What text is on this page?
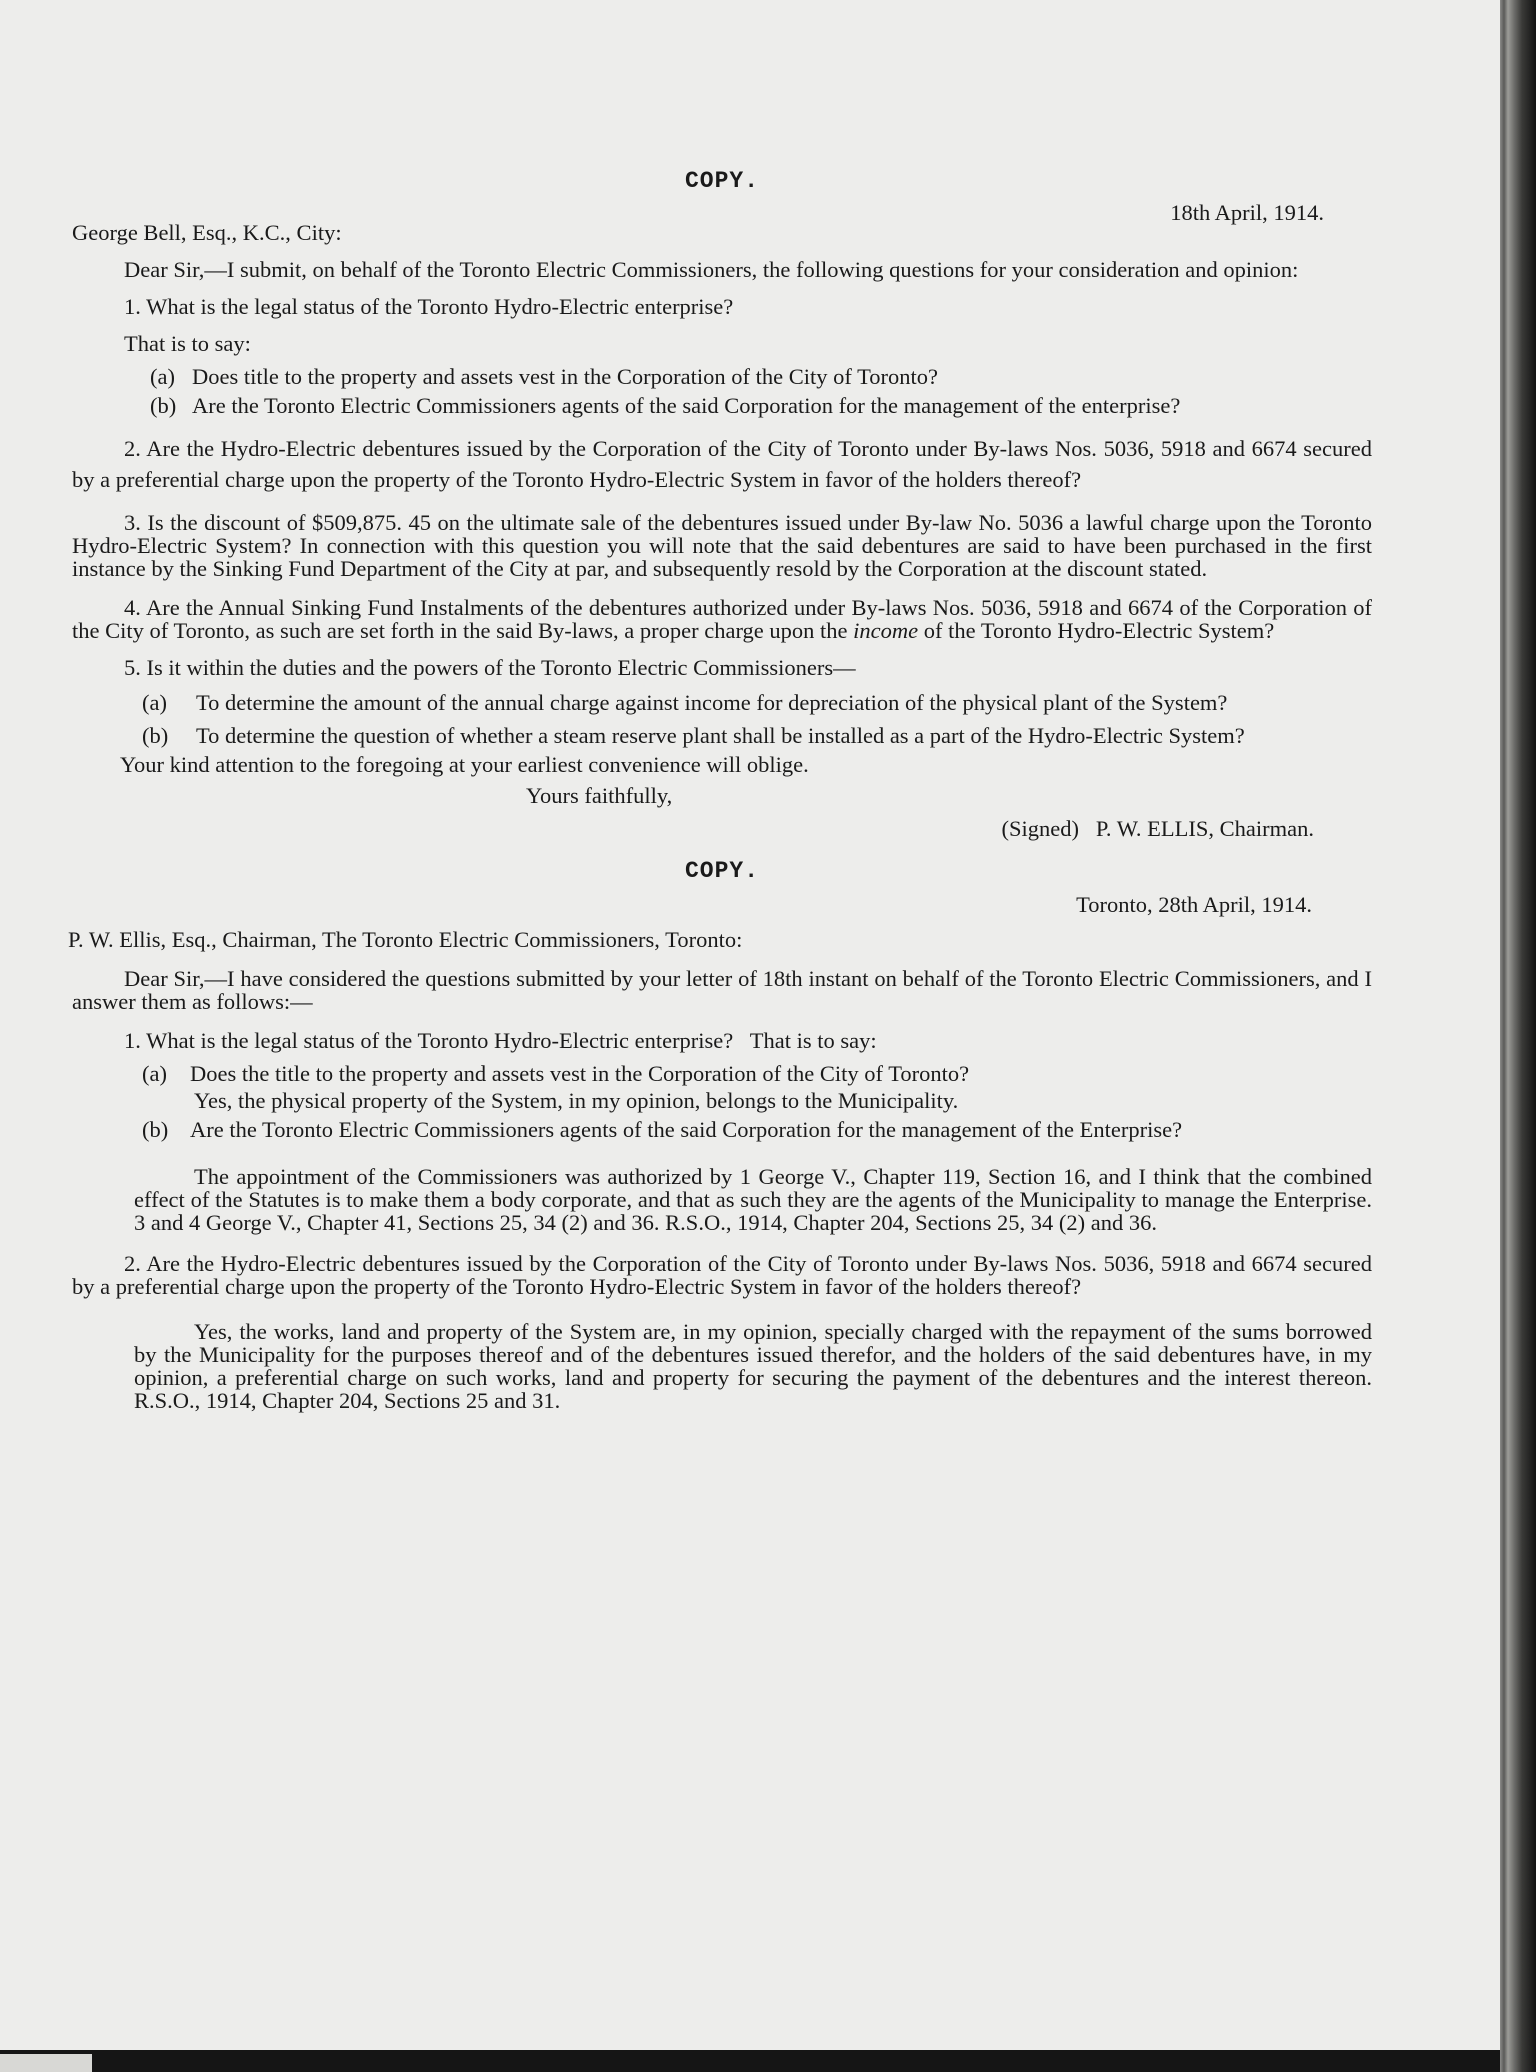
COPY.
George Bell, Esq., K.C., City:
18th April, 1914.

Dear Sir,—I submit, on behalf of the Toronto Electric Commissioners, the following questions for your consideration and opinion:

1. What is the legal status of the Toronto Hydro-Electric enterprise?

That is to say:

(a) Does title to the property and assets vest in the Corporation of the City of Toronto?
(b) Are the Toronto Electric Commissioners agents of the said Corporation for the management of the enterprise?

2. Are the Hydro-Electric debentures issued by the Corporation of the City of Toronto under By-laws Nos. 5036, 5918 and 6674 secured by a preferential charge upon the property of the Toronto Hydro-Electric System in favor of the holders thereof?

3. Is the discount of $509,875. 45 on the ultimate sale of the debentures issued under By-law No. 5036 a lawful charge upon the Toronto Hydro-Electric System? In connection with this question you will note that the said debentures are said to have been purchased in the first instance by the Sinking Fund Department of the City at par, and subsequently resold by the Corporation at the discount stated.

4. Are the Annual Sinking Fund Instalments of the debentures authorized under By-laws Nos. 5036, 5918 and 6674 of the Corporation of the City of Toronto, as such are set forth in the said By-laws, a proper charge upon the income of the Toronto Hydro-Electric System?

5. Is it within the duties and the powers of the Toronto Electric Commissioners—

(a)	To determine the amount of the annual charge against income for depreciation of the physical plant of the System?
(b)	To determine the question of whether a steam reserve plant shall be installed as a part of the Hydro-Electric System?

Your kind attention to the foregoing at your earliest convenience will oblige.

Yours faithfully,

(Signed)   P. W. ELLIS, Chairman.

COPY.

Toronto, 28th April, 1914.

P. W. Ellis, Esq., Chairman, The Toronto Electric Commissioners, Toronto:

Dear Sir,—I have considered the questions submitted by your letter of 18th instant on behalf of the Toronto Electric Commissioners, and I answer them as follows:—

1. What is the legal status of the Toronto Hydro-Electric enterprise?   That is to say:

(a)	Does the title to the property and assets vest in the Corporation of the City of Toronto?

Yes, the physical property of the System, in my opinion, belongs to the Municipality.

(b) Are the Toronto Electric Commissioners agents of the said Corporation for the management of the Enterprise?

The appointment of the Commissioners was authorized by 1 George V., Chapter 119, Section 16, and I think that the combined effect of the Statutes is to make them a body corporate, and that as such they are the agents of the Municipality to manage the Enterprise. 3 and 4 George V., Chapter 41, Sections 25, 34 (2) and 36. R.S.O., 1914, Chapter 204, Sections 25, 34 (2) and 36.

2. Are the Hydro-Electric debentures issued by the Corporation of the City of Toronto under By-laws Nos. 5036, 5918 and 6674 secured by a preferential charge upon the property of the Toronto Hydro-Electric System in favor of the holders thereof?

Yes, the works, land and property of the System are, in my opinion, specially charged with the repayment of the sums borrowed by the Municipality for the purposes thereof and of the debentures issued therefor, and the holders of the said debentures have, in my opinion, a preferential charge on such works, land and property for securing the payment of the debentures and the interest thereon. R.S.O., 1914, Chapter 204, Sections 25 and 31.
